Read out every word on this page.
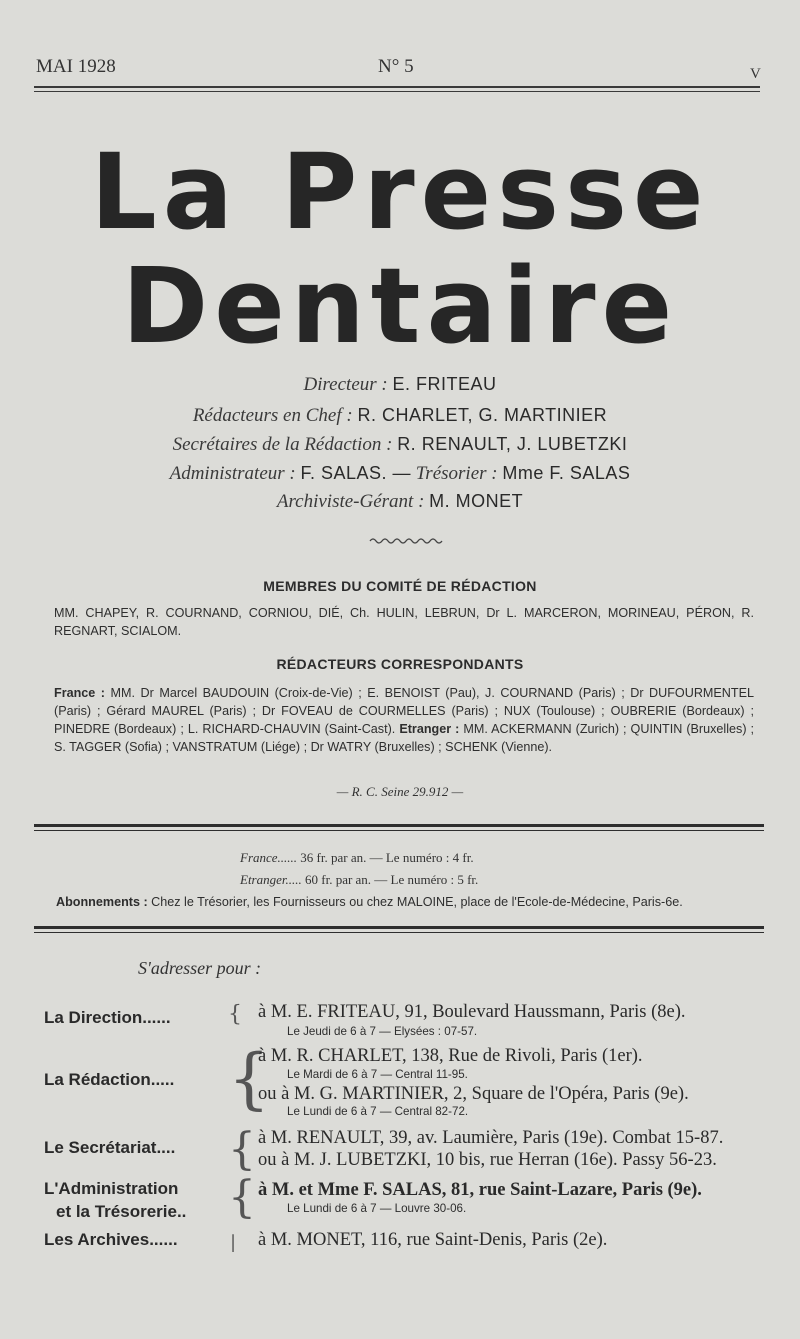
MAI 1928	N° 5	V
La Presse
Dentaire
Directeur : E. FRITEAU
Rédacteurs en Chef : R. CHARLET, G. MARTINIER
Secrétaires de la Rédaction : R. RENAULT, J. LUBETZKI
Administrateur : F. SALAS. — Trésorier : Mme F. SALAS
Archiviste-Gérant : M. MONET
MEMBRES DU COMITÉ DE RÉDACTION
MM. CHAPEY, R. COURNAND, CORNIOU, DIÉ, Ch. HULIN, LEBRUN, Dr L. MARCERON, MORINEAU, PÉRON, R. REGNART, SCIALOM.
RÉDACTEURS CORRESPONDANTS
France : MM. Dr Marcel BAUDOUIN (Croix-de-Vie) ; E. BENOIST (Pau), J. COURNAND (Paris) ; Dr DUFOURMENTEL (Paris) ; Gérard MAUREL (Paris) ; Dr FOVEAU de COURMELLES (Paris) ; NUX (Toulouse) ; OUBRERIE (Bordeaux) ; PINEDRE (Bordeaux) ; L. RICHARD-CHAUVIN (Saint-Cast). Etranger : MM. ACKERMANN (Zurich) ; QUINTIN (Bruxelles) ; S. TAGGER (Sofia) ; VANSTRATUM (Liége) ; Dr WATRY (Bruxelles) ; SCHENK (Vienne).
— R. C. Seine 29.912 —
France...... 36 fr. par an. — Le numéro : 4 fr.
Etranger..... 60 fr. par an. — Le numéro : 5 fr.
Abonnements : Chez le Trésorier, les Fournisseurs ou chez MALOINE, place de l'Ecole-de-Médecine, Paris-6e.
S'adresser pour :
La Direction......	{ à M. E. FRITEAU, 91, Boulevard Haussmann, Paris (8e).
Le Jeudi de 6 à 7 — Elysées : 07-57.
La Rédaction..... {
à M. R. CHARLET, 138, Rue de Rivoli, Paris (1er).
Le Mardi de 6 à 7 — Central 11-95.
ou à M. G. MARTINIER, 2, Square de l'Opéra, Paris (9e).
Le Lundi de 6 à 7 — Central 82-72.
Le Secrétariat.... { à M. RENAULT, 39, av. Laumière, Paris (19e). Combat 15-87.
ou à M. J. LUBETZKI, 10 bis, rue Herran (16e). Passy 56-23.
L'Administration
et la Trésorerie.. { à M. et Mme F. SALAS, 81, rue Saint-Lazare, Paris (9e).
Le Lundi de 6 à 7 — Louvre 30-06.
Les Archives......	| à M. MONET, 116, rue Saint-Denis, Paris (2e).
